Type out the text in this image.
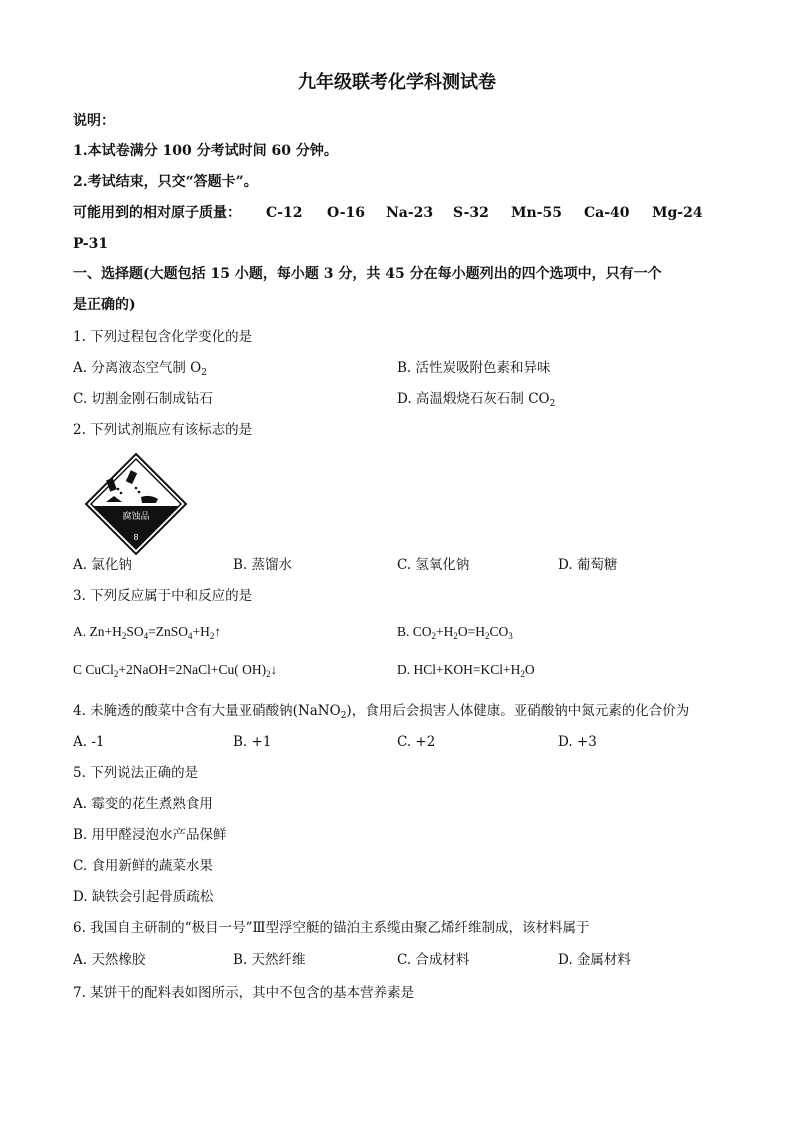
九年级联考化学科测试卷
说明：
1.本试卷满分 100 分考试时间 60 分钟。
2.考试结束，只交“答题卡”。
可能用到的相对原子质量： C-12 O-16 Na-23 S-32 Mn-55 Ca-40 Mg-24
P-31
一、选择题(大题包括 15 小题，每小题 3 分，共 45 分在每小题列出的四个选项中，只有一个
是正确的)
1. 下列过程包含化学变化的是
A. 分离液态空气制 $O_2$	B. 活性炭吸附色素和异味
C. 切割金刚石制成钻石	D. 高温煅烧石灰石制 $CO_2$
2. 下列试剂瓶应有该标志的是
腐蚀品
8
A. 氯化钠	B. 蒸馏水	C. 氢氧化钠	D. 葡萄糖
3. 下列反应属于中和反应的是
A. $Zn+H_2SO_4=ZnSO_4+H_2↑$	B. $CO_2+H_2O=H_2CO_3$
C CuCl$_2$+2NaOH=2NaCl+Cu( $OH)_2↓$	D. $HCl+KOH=KCl+H_2O$
4. 未腌透的酸菜中含有大量亚硝酸钠(NaNO$_2$)，食用后会损害人体健康。亚硝酸钠中氮元素的化合价为
A. -1	B. +1	C. +2	D. +3
5. 下列说法正确的是
A. 霉变的花生煮熟食用
B. 用甲醛浸泡水产品保鲜
C. 食用新鲜的蔬菜水果
D. 缺铁会引起骨质疏松
6. 我国自主研制的“极目一号”Ⅲ型浮空艇的锚泊主系缆由聚乙烯纤维制成，该材料属于
A. 天然橡胶	B. 天然纤维	C. 合成材料	D. 金属材料
7. 某饼干的配料表如图所示，其中不包含的基本营养素是
